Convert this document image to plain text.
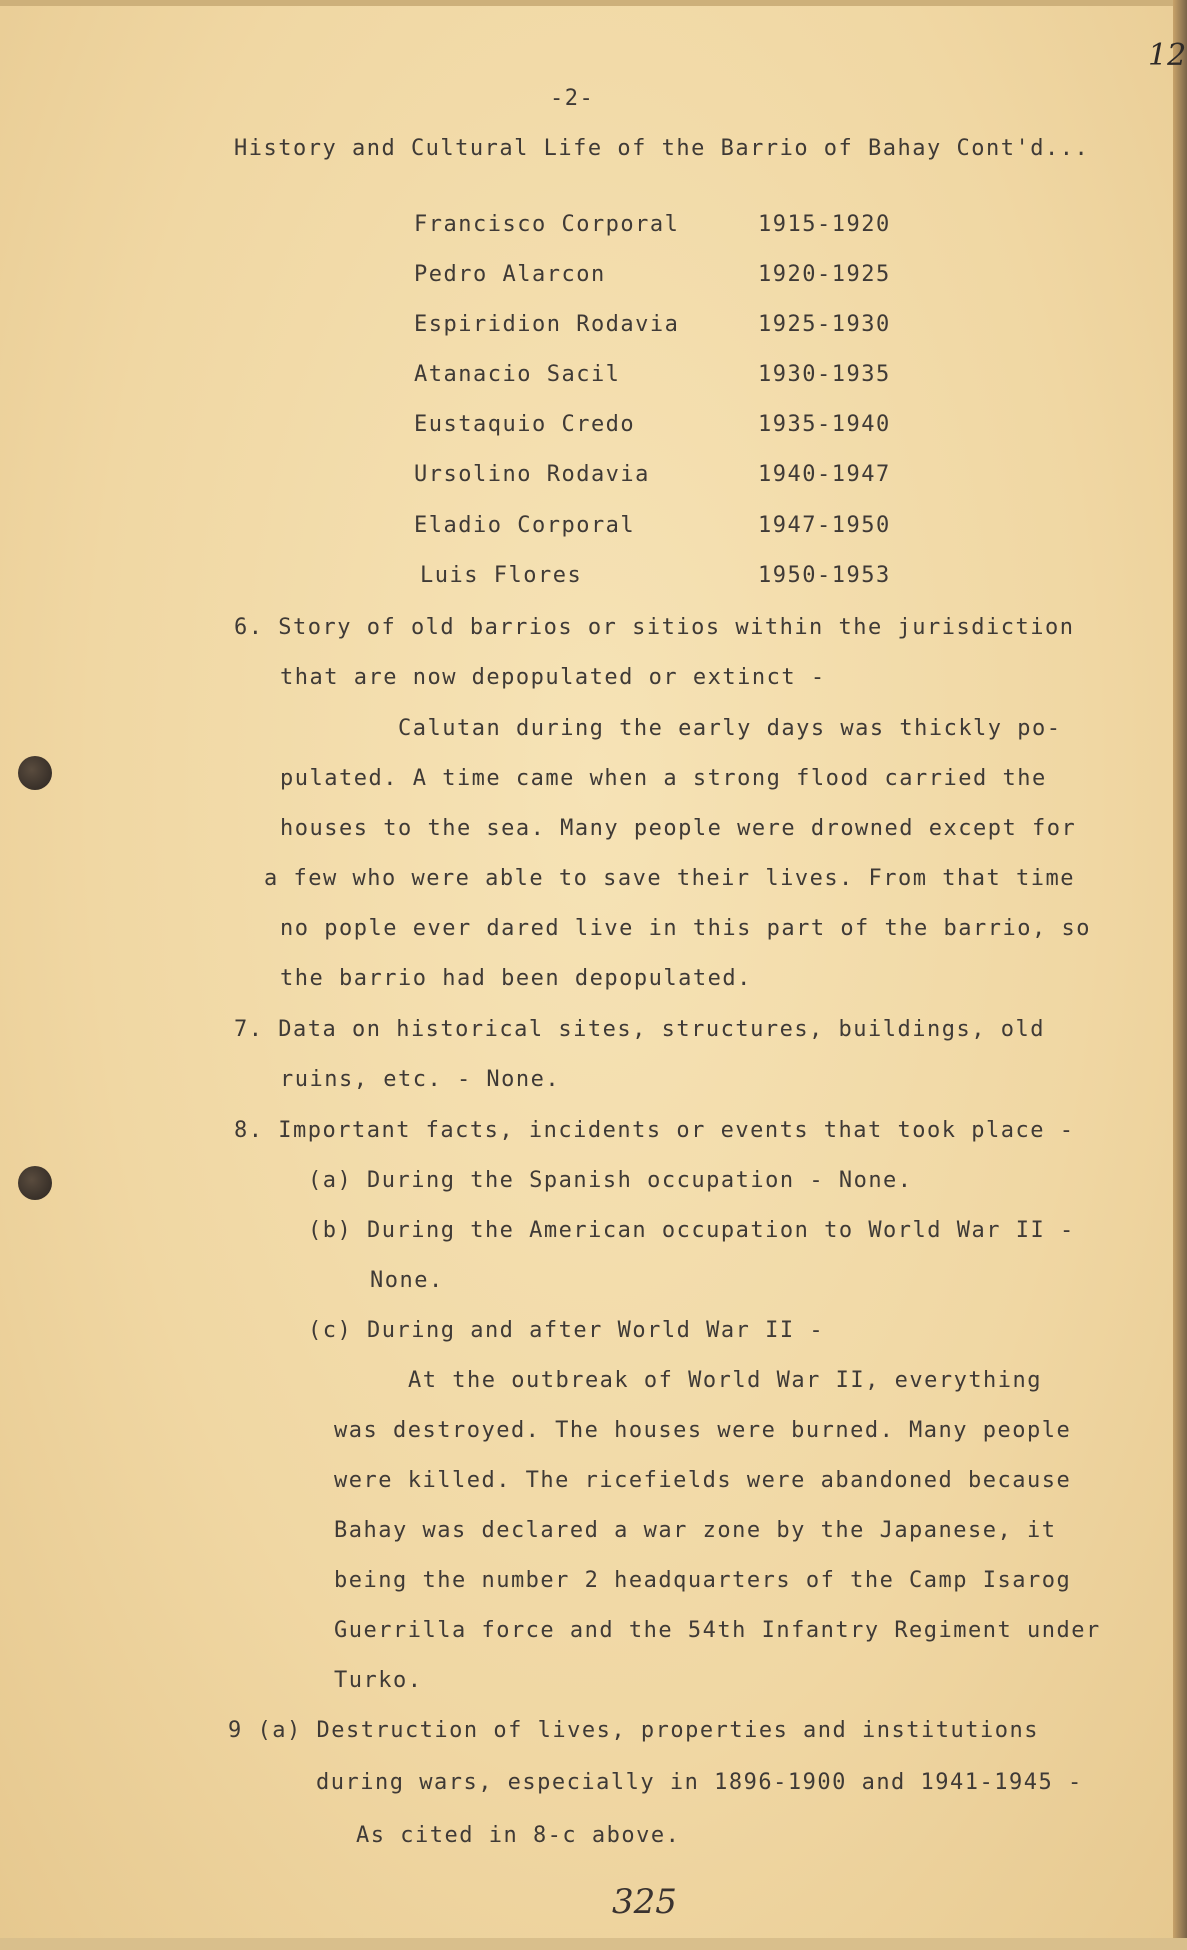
12
-2-
History and Cultural Life of the Barrio of Bahay Cont'd...
Francisco Corporal	1915-1920
Pedro Alarcon	1920-1925
Espiridion Rodavia	1925-1930
Atanacio Sacil	1930-1935
Eustaquio Credo	1935-1940
Ursolino Rodavia	1940-1947
Eladio Corporal	1947-1950
Luis Flores	1950-1953
6. Story of old barrios or sitios within the jurisdiction
that are now depopulated or extinct -
Calutan during the early days was thickly po-
pulated. A time came when a strong flood carried the
houses to the sea. Many people were drowned except for
a few who were able to save their lives. From that time
no pople ever dared live in this part of the barrio, so
the barrio had been depopulated.
7. Data on historical sites, structures, buildings, old
ruins, etc. - None.
8. Important facts, incidents or events that took place -
(a) During the Spanish occupation - None.
(b) During the American occupation to World War II -
None.
(c) During and after World War II -
At the outbreak of World War II, everything
was destroyed. The houses were burned. Many people
were killed. The ricefields were abandoned because
Bahay was declared a war zone by the Japanese, it
being the number 2 headquarters of the Camp Isarog
Guerrilla force and the 54th Infantry Regiment under
Turko.
9 (a) Destruction of lives, properties and institutions
during wars, especially in 1896-1900 and 1941-1945 -
As cited in 8-c above.
325
